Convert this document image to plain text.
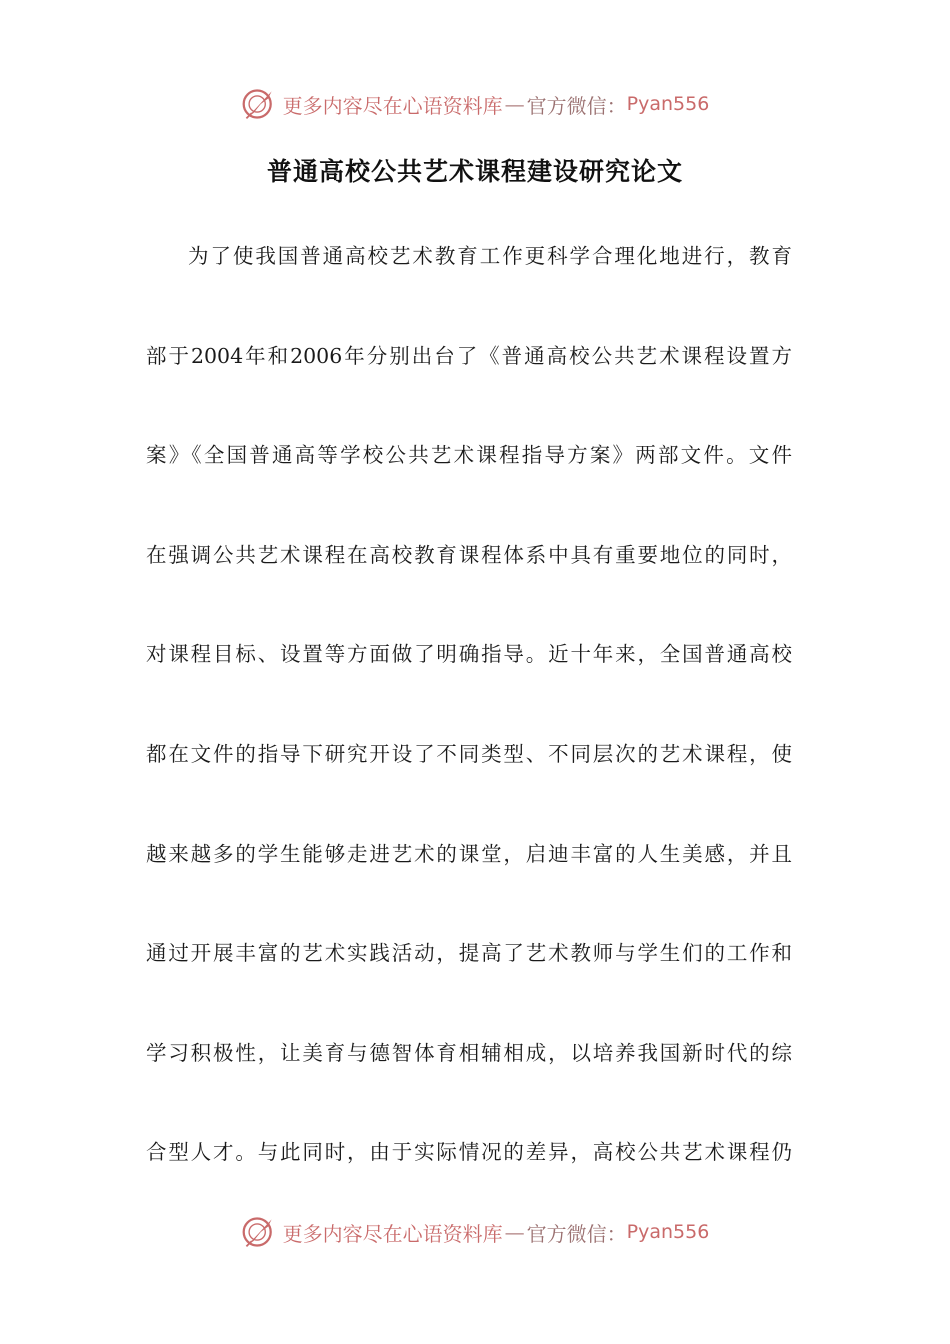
更多内容尽在心语资料库 — 官方微信： Pyan556
普通高校公共艺术课程建设研究论文
为了使我国普通高校艺术教育工作更科学合理化地进行，教育
部于2004年和2006年分别出台了《普通高校公共艺术课程设置方
案》《全国普通高等学校公共艺术课程指导方案》两部文件。文件
在强调公共艺术课程在高校教育课程体系中具有重要地位的同时，
对课程目标、设置等方面做了明确指导。近十年来，全国普通高校
都在文件的指导下研究开设了不同类型、不同层次的艺术课程，使
越来越多的学生能够走进艺术的课堂，启迪丰富的人生美感，并且
通过开展丰富的艺术实践活动，提高了艺术教师与学生们的工作和
学习积极性，让美育与德智体育相辅相成，以培养我国新时代的综
合型人才。与此同时，由于实际情况的差异，高校公共艺术课程仍
更多内容尽在心语资料库 — 官方微信： Pyan556
